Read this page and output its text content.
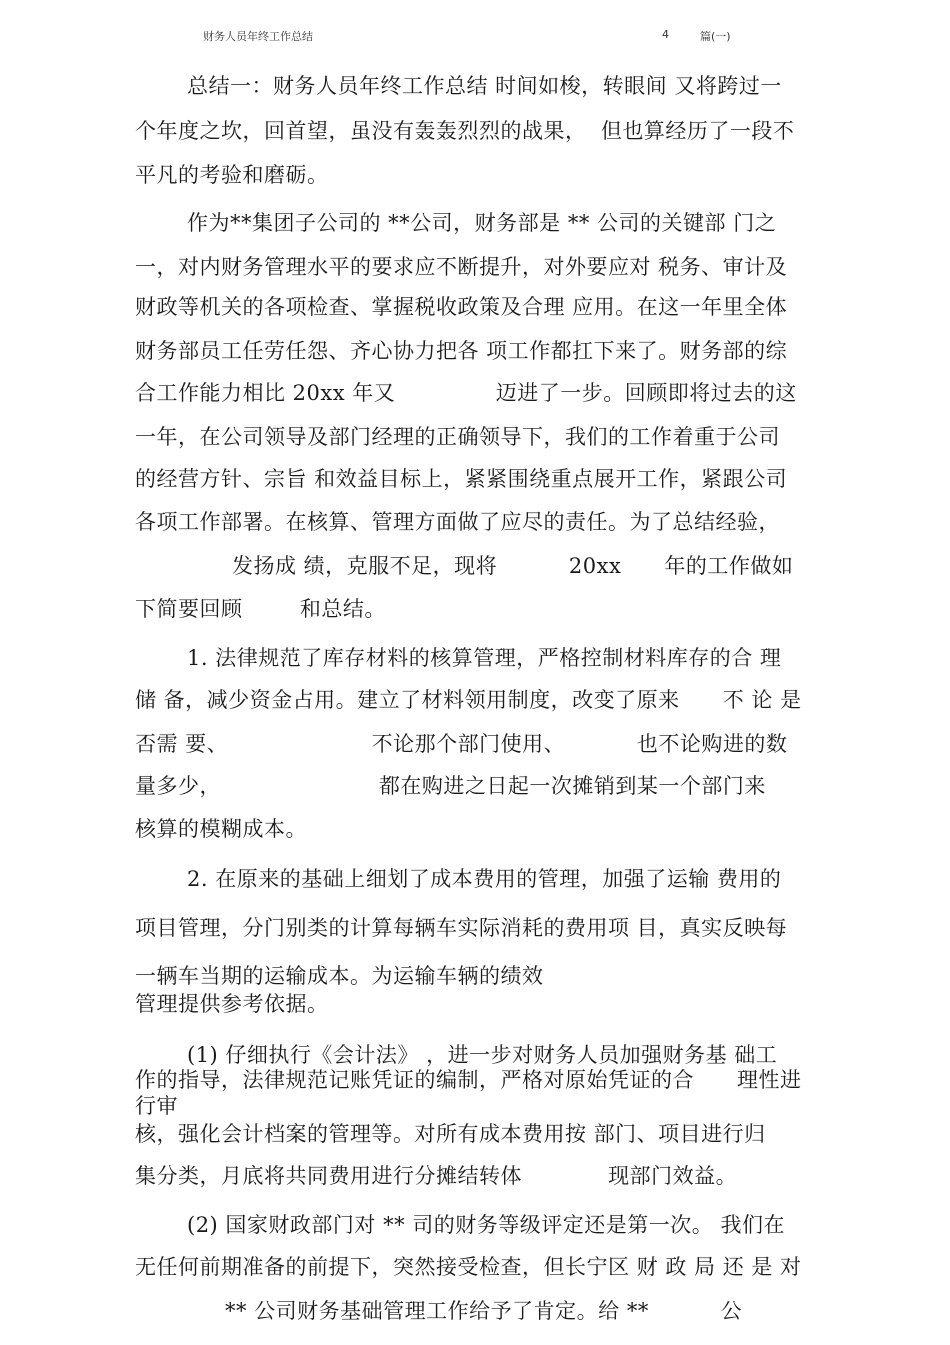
财务人员年终工作总结	4	篇(一)
总结一：财务人员年终工作总结 时间如梭，转眼间 又将跨过一
个年度之坎，回首望，虽没有轰轰烈烈的战果，  但也算经历了一段不
平凡的考验和磨砺。
作为**集团子公司的 **公司，财务部是 ** 公司的关键部 门之
一，对内财务管理水平的要求应不断提升，对外要应对 税务、审计及
财政等机关的各项检查、掌握税收政策及合理 应用。在这一年里全体
财务部员工任劳任怨、齐心协力把各 项工作都扛下来了。财务部的综
合工作能力相比 20xx 年又              迈进了一步。回顾即将过去的这
一年，在公司领导及部门经理的正确领导下，我们的工作着重于公司
的经营方针、宗旨 和效益目标上，紧紧围绕重点展开工作，紧跟公司
各项工作部署。在核算、管理方面做了应尽的责任。为了总结经验，
发扬成 绩，克服不足，现将          20xx      年的工作做如
下简要回顾        和总结。
1. 法律规范了库存材料的核算管理，严格控制材料库存的合 理
储 备，减少资金占用。建立了材料领用制度，改变了原来      不 论 是
否需 要、                    不论那个部门使用、          也不论购进的数
量多少，                      都在购进之日起一次摊销到某一个部门来
核算的模糊成本。
2. 在原来的基础上细划了成本费用的管理，加强了运输 费用的
项目管理，分门别类的计算每辆车实际消耗的费用项 目，真实反映每
一辆车当期的运输成本。为运输车辆的绩效
管理提供参考依据。
(1) 仔细执行《会计法》 ，进一步对财务人员加强财务基 础工
作的指导，法律规范记账凭证的编制，严格对原始凭证的合      理性进
行审
核，强化会计档案的管理等。对所有成本费用按 部门、项目进行归
集分类，月底将共同费用进行分摊结转体            现部门效益。
(2) 国家财政部门对 ** 司的财务等级评定还是第一次。 我们在
无任何前期准备的前提下，突然接受检查，但长宁区 财 政 局 还 是 对
** 公司财务基础管理工作给予了肯定。给 **          公
